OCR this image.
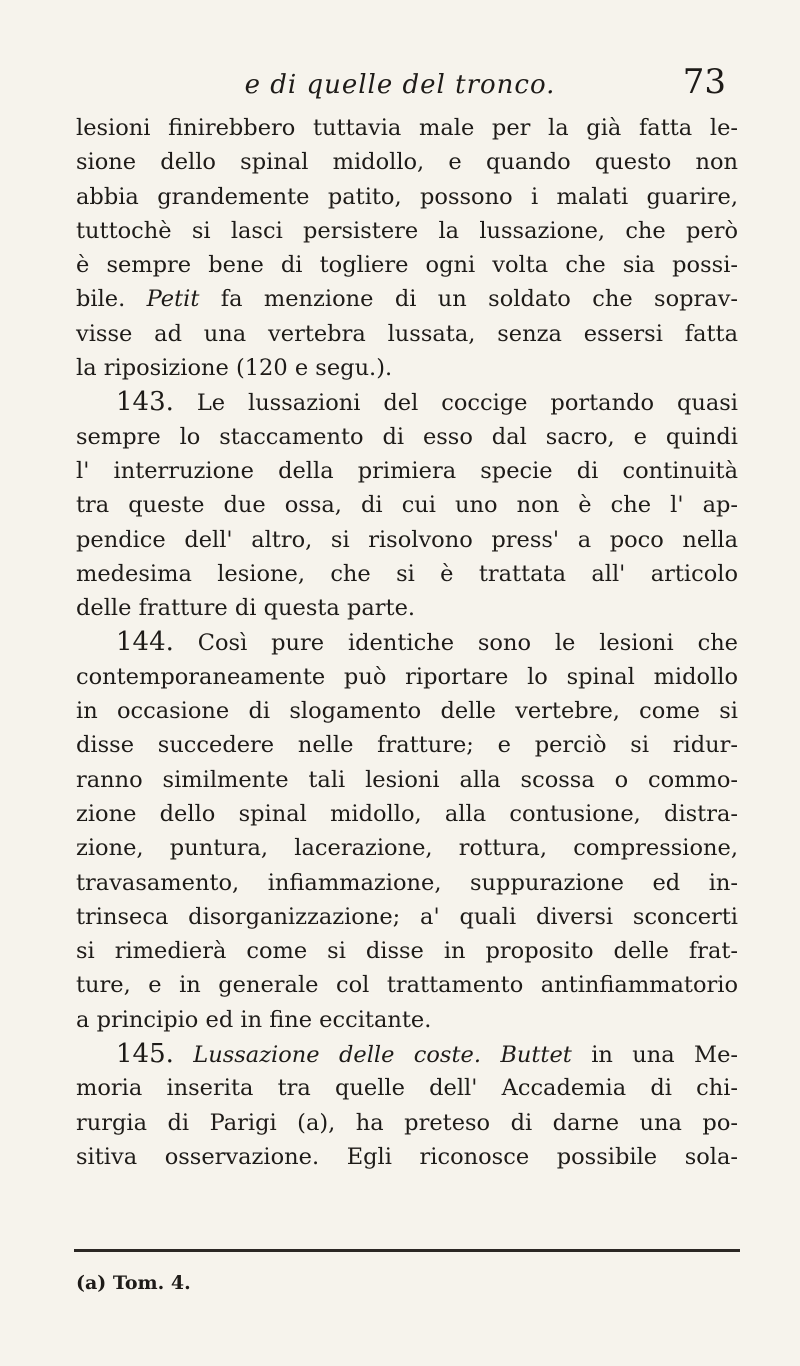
e di quelle del tronco.	73
lesioni finirebbero tuttavia male per la già fatta le-
sione dello spinal midollo, e quando questo non
abbia grandemente patito, possono i malati guarire,
tuttochè si lasci persistere la lussazione, che però
è sempre bene di togliere ogni volta che sia possi-
bile. Petit fa menzione di un soldato che soprav-
visse ad una vertebra lussata, senza essersi fatta
la riposizione (120 e segu.).
143. Le lussazioni del coccige portando quasi
sempre lo staccamento di esso dal sacro, e quindi
l' interruzione della primiera specie di continuità
tra queste due ossa, di cui uno non è che l' ap-
pendice dell' altro, si risolvono press' a poco nella
medesima lesione, che si è trattata all' articolo
delle fratture di questa parte.
144. Così pure identiche sono le lesioni che
contemporaneamente può riportare lo spinal midollo
in occasione di slogamento delle vertebre, come si
disse succedere nelle fratture; e perciò si ridur-
ranno similmente tali lesioni alla scossa o commo-
zione dello spinal midollo, alla contusione, distra-
zione, puntura, lacerazione, rottura, compressione,
travasamento, infiammazione, suppurazione ed in-
trinseca disorganizzazione; a' quali diversi sconcerti
si rimedierà come si disse in proposito delle frat-
ture, e in generale col trattamento antinfiammatorio
a principio ed in fine eccitante.
145. Lussazione delle coste. Buttet in una Me-
moria inserita tra quelle dell' Accademia di chi-
rurgia di Parigi (a), ha preteso di darne una po-
sitiva osservazione. Egli riconosce possibile sola-
(a) Tom. 4.
